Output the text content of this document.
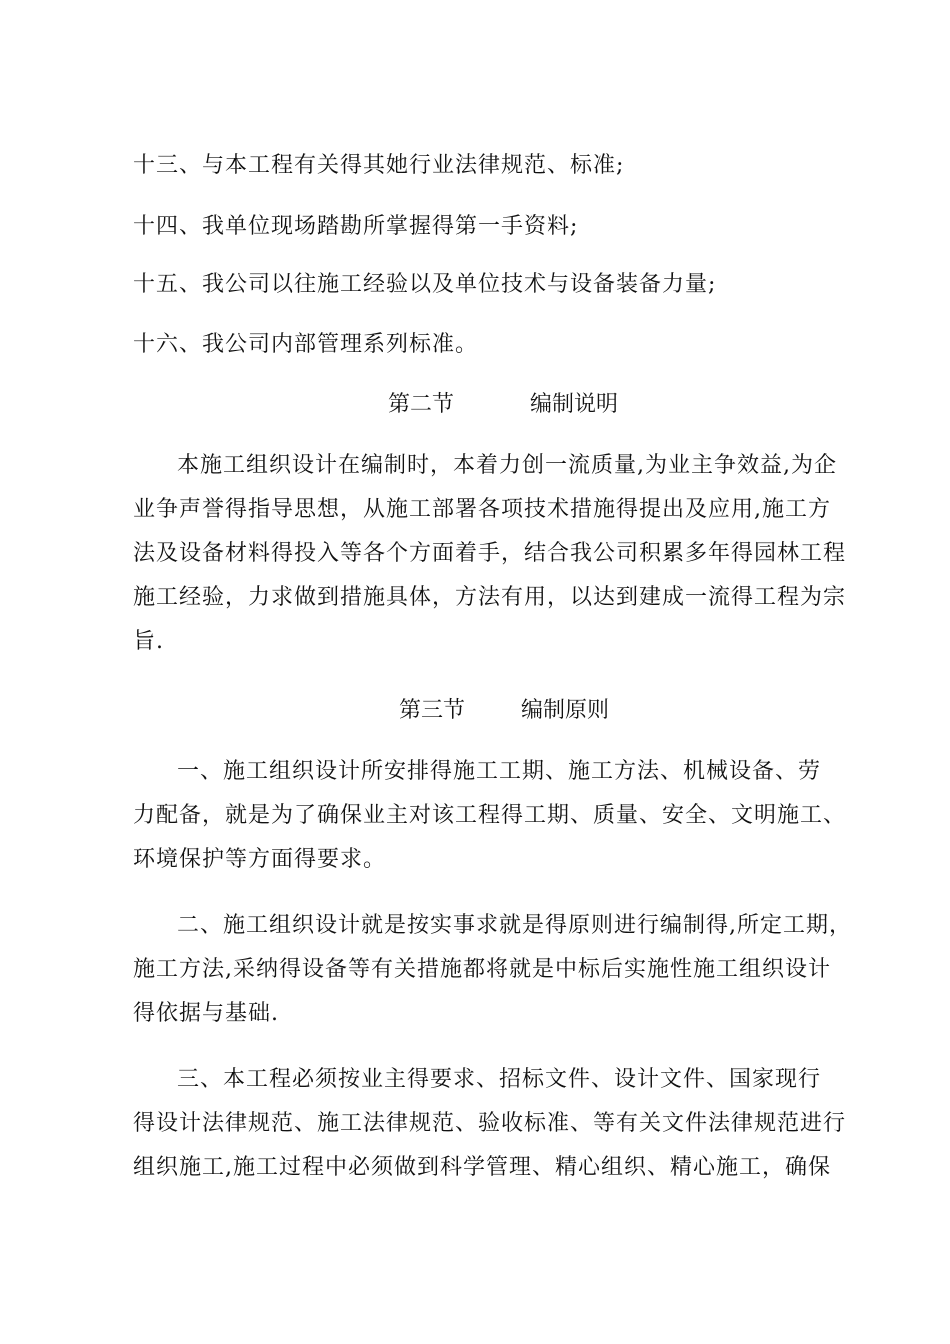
十三、与本工程有关得其她行业法律规范、标准;

十四、我单位现场踏勘所掌握得第一手资料;

十五、我公司以往施工经验以及单位技术与设备装备力量;

十六、我公司内部管理系列标准。

第二节	编制说明
本施工组织设计在编制时，本着力创一流质量,为业主争效益,为企
业争声誉得指导思想，从施工部署各项技术措施得提出及应用,施工方
法及设备材料得投入等各个方面着手，结合我公司积累多年得园林工程
施工经验，力求做到措施具体，方法有用，以达到建成一流得工程为宗
旨.
第三节	编制原则
一、施工组织设计所安排得施工工期、施工方法、机械设备、劳
力配备，就是为了确保业主对该工程得工期、质量、安全、文明施工、
环境保护等方面得要求。
二、施工组织设计就是按实事求就是得原则进行编制得,所定工期，
施工方法,采纳得设备等有关措施都将就是中标后实施性施工组织设计
得依据与基础.
三、本工程必须按业主得要求、招标文件、设计文件、国家现行
得设计法律规范、施工法律规范、验收标准、等有关文件法律规范进行
组织施工,施工过程中必须做到科学管理、精心组织、精心施工，确保
